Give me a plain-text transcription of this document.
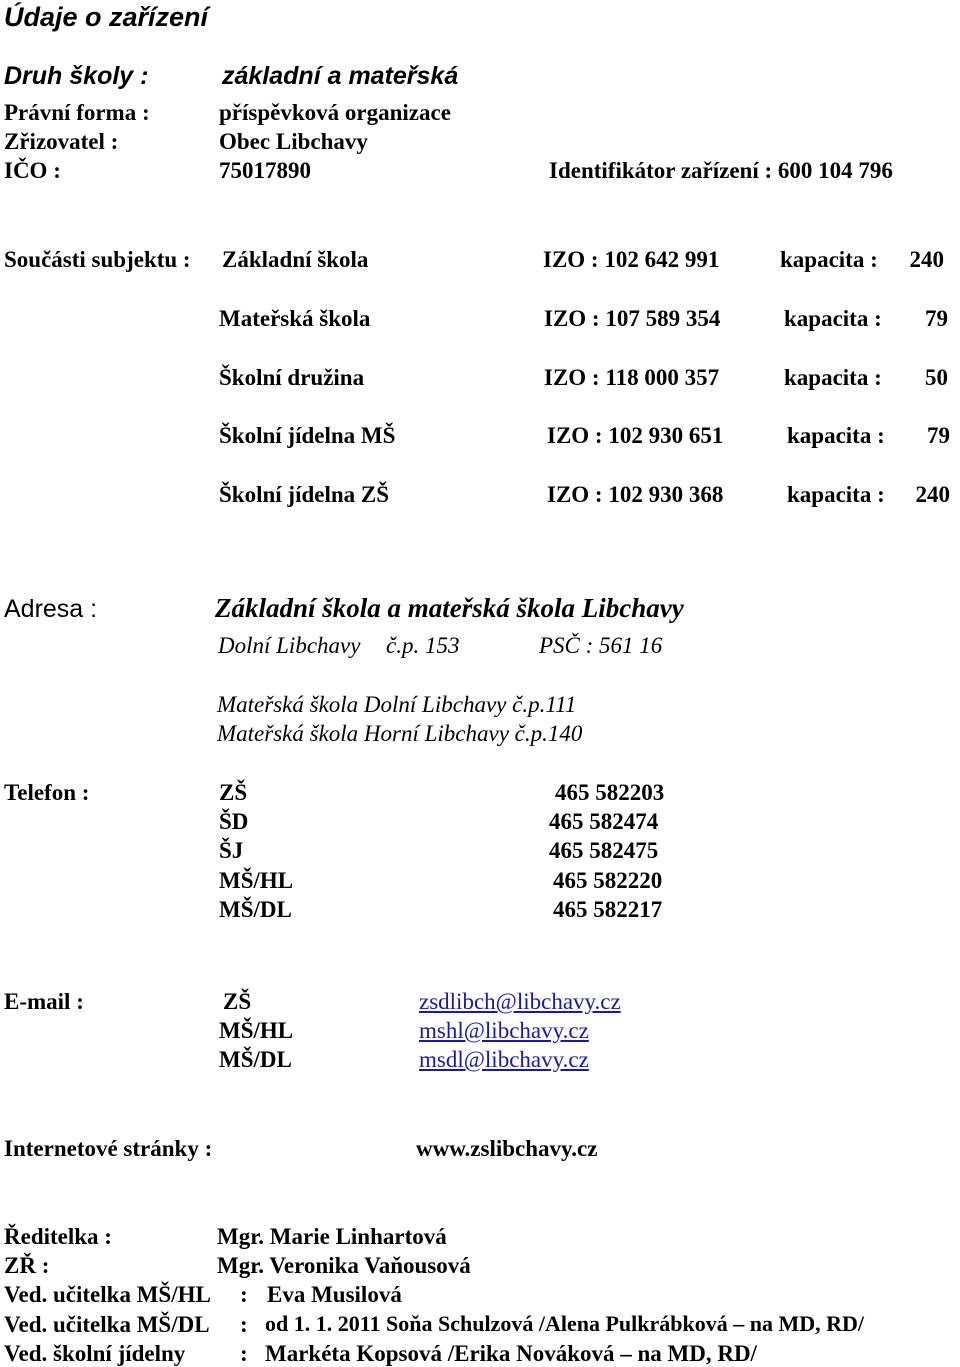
Údaje o zařízení
Druh školy :	základní a mateřská
Právní forma :	příspěvková organizace
Zřizovatel :	Obec Libchavy
IČO :	75017890	Identifikátor zařízení : 600 104 796
Součásti subjektu : Základní škola	IZO : 102 642 991	kapacita : 240
Mateřská škola	IZO : 107 589 354	kapacita : 79
Školní družina	IZO : 118 000 357	kapacita : 50
Školní jídelna MŠ	IZO : 102 930 651	kapacita : 79
Školní jídelna ZŠ	IZO : 102 930 368	kapacita : 240
Adresa :	Základní škola a mateřská škola Libchavy
Dolní Libchavy č.p. 153	PSČ : 561 16
Mateřská škola Dolní Libchavy č.p.111
Mateřská škola Horní Libchavy č.p.140
Telefon :	ZŠ	465 582203
ŠD	465 582474
ŠJ	465 582475
MŠ/HL	465 582220
MŠ/DL	465 582217
E-mail :	ZŠ	zsdlibch@libchavy.cz
MŠ/HL	mshl@libchavy.cz
MŠ/DL	msdl@libchavy.cz
Internetové stránky :	www.zslibchavy.cz
Ředitelka :	Mgr. Marie Linhartová
ZŘ :	Mgr. Veronika Vaňousová
Ved. učitelka MŠ/HL : Eva Musilová
Ved. učitelka MŠ/DL : od 1. 1. 2011 Soňa Schulzová /Alena Pulkrábková – na MD, RD/
Ved. školní jídelny : Markéta Kopsová /Erika Nováková – na MD, RD/
